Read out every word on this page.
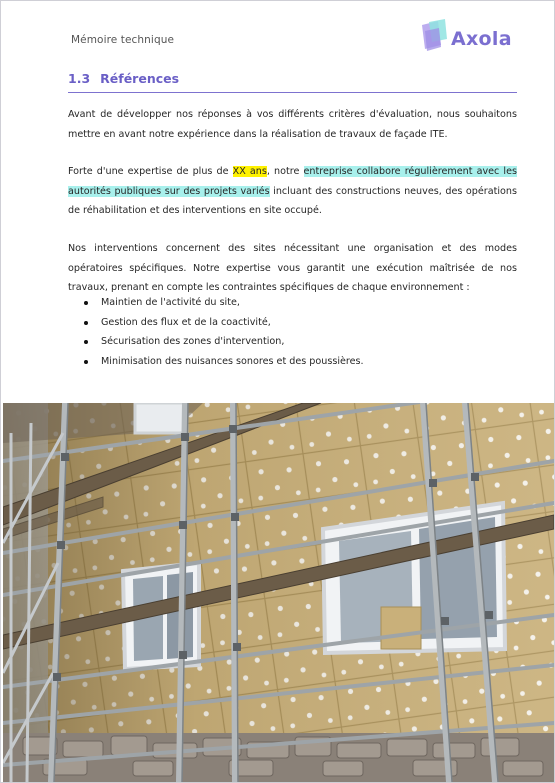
Mémoire technique	Axola
1.3 Références

Avant de développer nos réponses à vos différents critères d'évaluation, nous souhaitons mettre en avant notre expérience dans la réalisation de travaux de façade ITE.

Forte d'une expertise de plus de XX ans, notre entreprise collabore régulièrement avec les autorités publiques sur des projets variés incluant des constructions neuves, des opérations de réhabilitation et des interventions en site occupé.

Nos interventions concernent des sites nécessitant une organisation et des modes opératoires spécifiques. Notre expertise vous garantit une exécution maîtrisée de nos travaux, prenant en compte les contraintes spécifiques de chaque environnement :

Maintien de l'activité du site,
Gestion des flux et de la coactivité,
Sécurisation des zones d'intervention,
Minimisation des nuisances sonores et des poussières.
